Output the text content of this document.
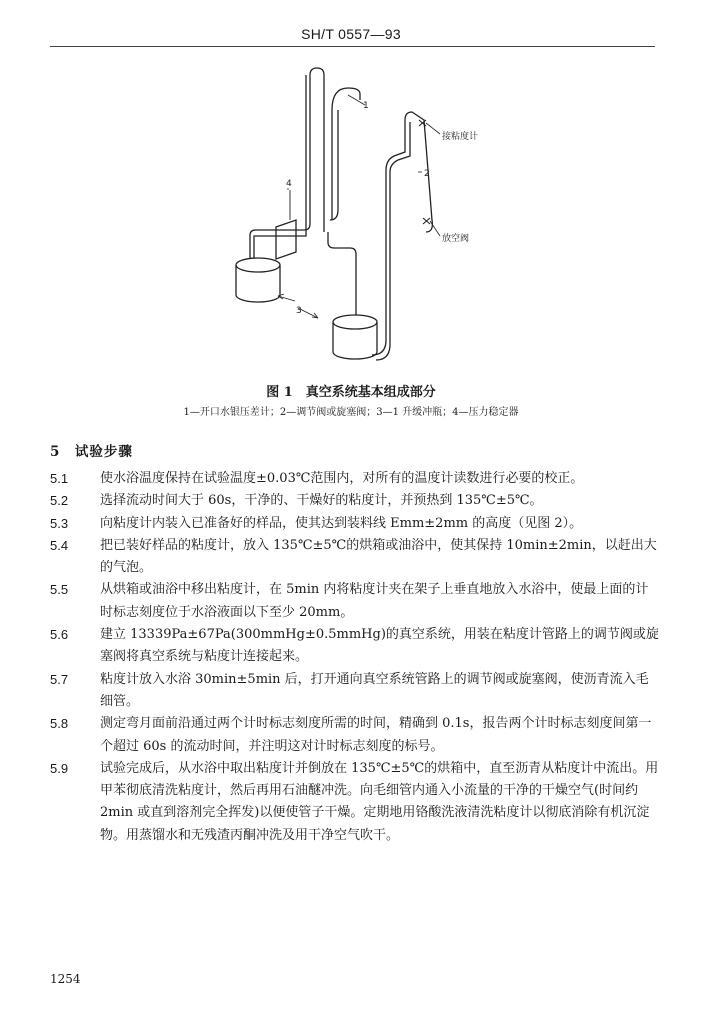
SH/T 0557—93
1
2
3
4
接粘度计
放空阀
图 1　真空系统基本组成部分
1—开口水银压差计；2—调节阀或旋塞阀；3—1 升缓冲瓶；4—压力稳定器
5　试验步骤

5.1 使水浴温度保持在试验温度±0.03℃范围内，对所有的温度计读数进行必要的校正。

5.2 选择流动时间大于 60s，干净的、干燥好的粘度计，并预热到 135℃±5℃。

5.3 向粘度计内装入已准备好的样品，使其达到装料线 Emm±2mm 的高度（见图 2）。

5.4 把已装好样品的粘度计，放入 135℃±5℃的烘箱或油浴中，使其保持 10min±2min，以赶出大的气泡。

5.5 从烘箱或油浴中移出粘度计，在 5min 内将粘度计夹在架子上垂直地放入水浴中，使最上面的计时标志刻度位于水浴液面以下至少 20mm。

5.6 建立 13339Pa±67Pa(300mmHg±0.5mmHg)的真空系统，用装在粘度计管路上的调节阀或旋塞阀将真空系统与粘度计连接起来。

5.7 粘度计放入水浴 30min±5min 后，打开通向真空系统管路上的调节阀或旋塞阀，使沥青流入毛细管。

5.8 测定弯月面前沿通过两个计时标志刻度所需的时间，精确到 0.1s，报告两个计时标志刻度间第一个超过 60s 的流动时间，并注明这对计时标志刻度的标号。

5.9 试验完成后，从水浴中取出粘度计并倒放在 135℃±5℃的烘箱中，直至沥青从粘度计中流出。用甲苯彻底清洗粘度计，然后再用石油醚冲洗。向毛细管内通入小流量的干净的干燥空气(时间约 2min 或直到溶剂完全挥发)以便使管子干燥。定期地用铬酸洗液清洗粘度计以彻底消除有机沉淀物。用蒸馏水和无残渣丙酮冲洗及用干净空气吹干。

1254
